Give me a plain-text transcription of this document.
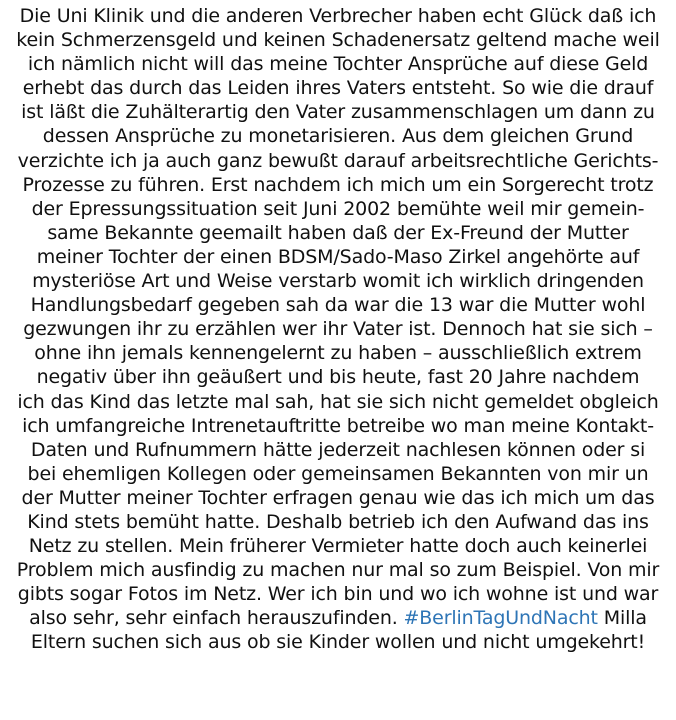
Die Uni Klinik und die anderen Verbrecher haben echt Glück daß ich
kein Schmerzensgeld und keinen Schadenersatz geltend mache weil
ich nämlich nicht will das meine Tochter Ansprüche auf diese Geld
erhebt das durch das Leiden ihres Vaters entsteht. So wie die drauf
ist läßt die Zuhälterartig den Vater zusammenschlagen um dann zu
dessen Ansprüche zu monetarisieren. Aus dem gleichen Grund
verzichte ich ja auch ganz bewußt darauf arbeitsrechtliche Gerichts-
Prozesse zu führen. Erst nachdem ich mich um ein Sorgerecht trotz
der Epressungssituation seit Juni 2002 bemühte weil mir gemein-
same Bekannte geemailt haben daß der Ex-Freund der Mutter
meiner Tochter der einen BDSM/Sado-Maso Zirkel angehörte auf
mysteriöse Art und Weise verstarb womit ich wirklich dringenden
Handlungsbedarf gegeben sah da war die 13 war die Mutter wohl
gezwungen ihr zu erzählen wer ihr Vater ist. Dennoch hat sie sich –
ohne ihn jemals kennengelernt zu haben – ausschließlich extrem
negativ über ihn geäußert und bis heute, fast 20 Jahre nachdem
ich das Kind das letzte mal sah, hat sie sich nicht gemeldet obgleich
ich umfangreiche Intrenetauftritte betreibe wo man meine Kontakt-
Daten und Rufnummern hätte jederzeit nachlesen können oder si
bei ehemligen Kollegen oder gemeinsamen Bekannten von mir un
der Mutter meiner Tochter erfragen genau wie das ich mich um das
Kind stets bemüht hatte. Deshalb betrieb ich den Aufwand das ins
Netz zu stellen. Mein früherer Vermieter hatte doch auch keinerlei
Problem mich ausfindig zu machen nur mal so zum Beispiel. Von mir
gibts sogar Fotos im Netz. Wer ich bin und wo ich wohne ist und war
also sehr, sehr einfach herauszufinden. #BerlinTagUndNacht Milla
Eltern suchen sich aus ob sie Kinder wollen und nicht umgekehrt!
